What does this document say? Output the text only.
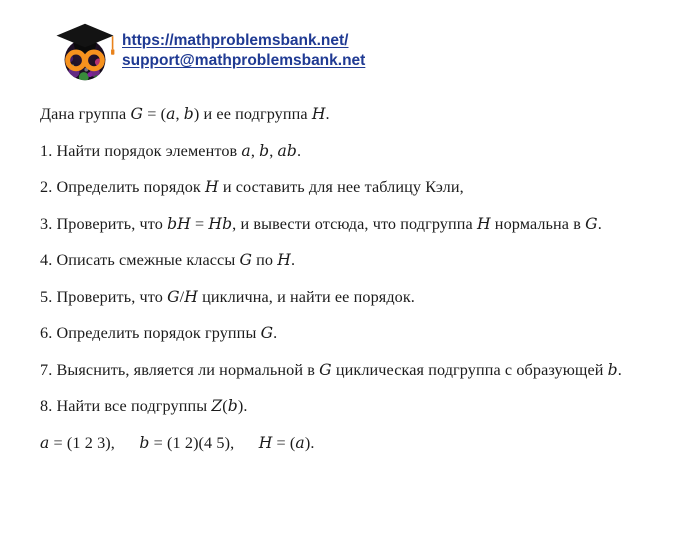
https://mathproblemsbank.net/
support@mathproblemsbank.net

Дана группа G = (a, b) и ее подгруппа H.

1. Найти порядок элементов a, b, ab.

2. Определить порядок H и составить для нее таблицу Кэли,

3. Проверить, что bH = Hb, и вывести отсюда, что подгруппа H нормальна в G.

4. Описать смежные классы G по H.

5. Проверить, что G/H циклична, и найти ее порядок.

6. Определить порядок группы G.

7. Выяснить, является ли нормальной в G циклическая подгруппа с образующей b.

8. Найти все подгруппы Z(b).

a = (1 2 3),   b = (1 2)(4 5),   H = (a).
